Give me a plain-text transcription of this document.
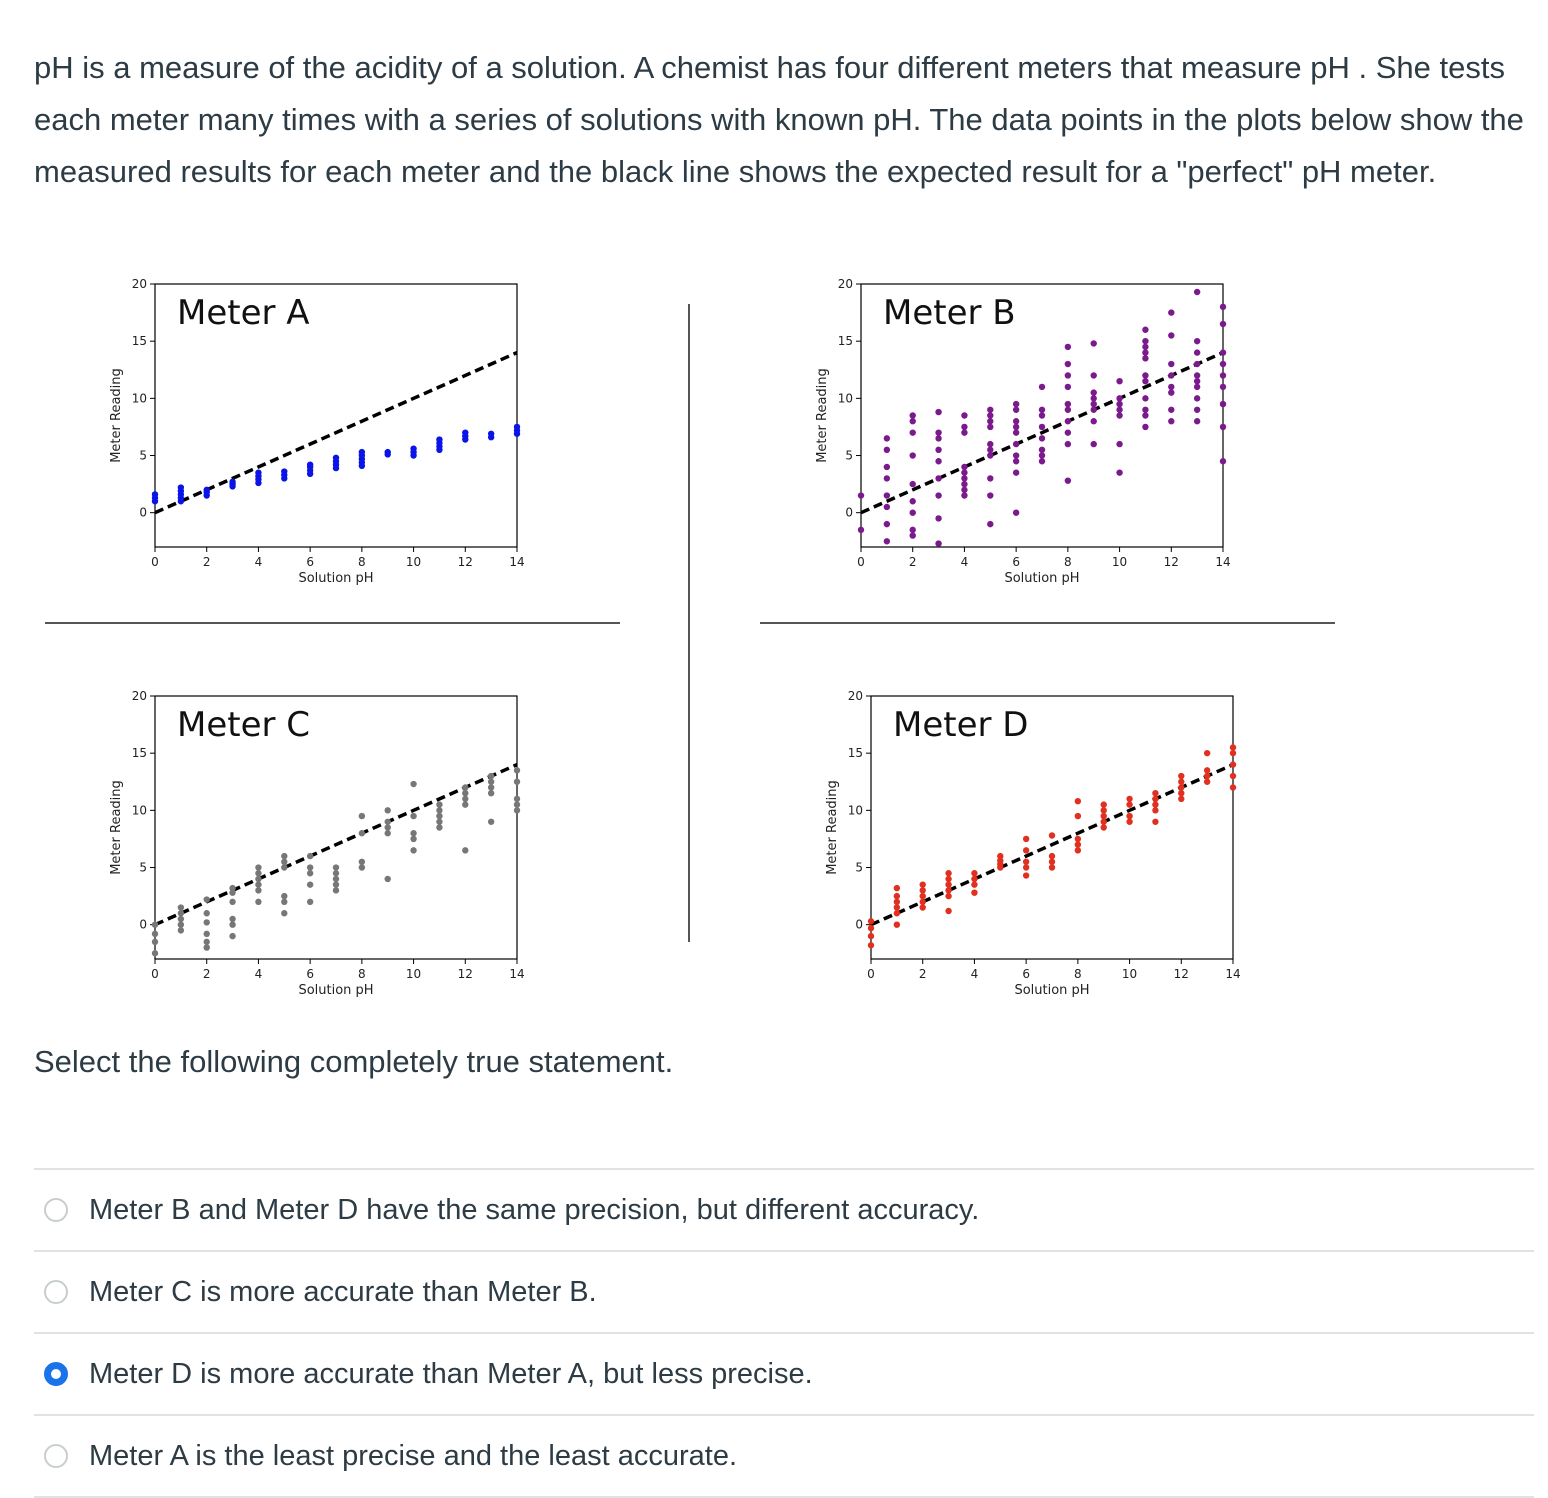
pH is a measure of the acidity of a solution. A chemist has four different meters that measure pH . She tests each meter many times with a series of solutions with known pH. The data points in the plots below show the measured results for each meter and the black line shows the expected result for a "perfect" pH meter.
0	2	4	6	8	10	12	14
0
5
10
15
20
Solution pH
Meter Reading
Meter A
0	2	4	6	8	10	12	14
0
5
10
15
20
Solution pH
Meter Reading
Meter B
0	2	4	6	8	10	12	14
0
5
10
15
20
Solution pH
Meter Reading
Meter C
0	2	4	6	8	10	12	14
0
5
10
15
20
Solution pH
Meter Reading
Meter D
Select the following completely true statement.
Meter B and Meter D have the same precision, but different accuracy.
Meter C is more accurate than Meter B.
Meter D is more accurate than Meter A, but less precise.
Meter A is the least precise and the least accurate.
